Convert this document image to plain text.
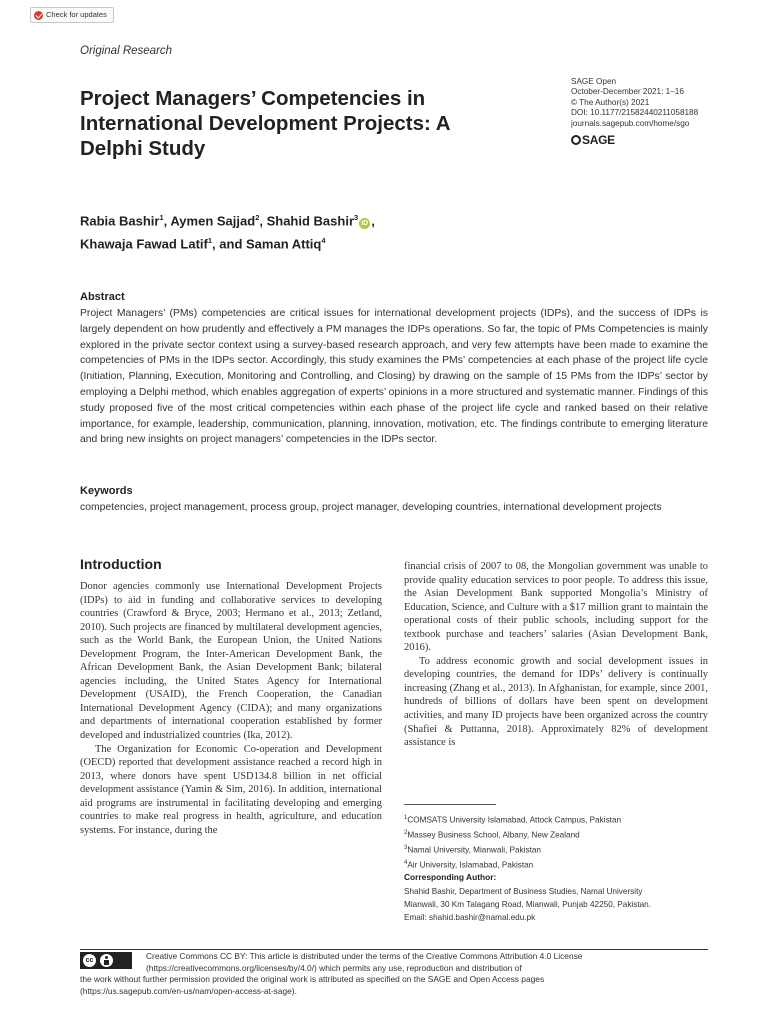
Check for updates
Original Research
Project Managers’ Competencies in International Development Projects: A Delphi Study
SAGE Open
October-December 2021: 1–16
© The Author(s) 2021
DOI: 10.1177/21582440211058188
journals.sagepub.com/home/sgo
SAGE
Rabia Bashir$^1$, Aymen Sajjad$^2$, Shahid Bashir$^3$iD ,
Khawaja Fawad Latif$^1$, and Saman Attiq$^4$
Abstract

Project Managers’ (PMs) competencies are critical issues for international development projects (IDPs), and the success of IDPs is largely dependent on how prudently and effectively a PM manages the IDPs operations. So far, the topic of PMs Competencies is mainly explored in the private sector context using a survey-based research approach, and very few attempts have been made to examine the competencies of PMs in the IDPs sector. Accordingly, this study examines the PMs’ competencies at each phase of the project life cycle (Initiation, Planning, Execution, Monitoring and Controlling, and Closing) by drawing on the sample of 15 PMs from the IDPs’ sector by employing a Delphi method, which enables aggregation of experts’ opinions in a more structured and systematic manner. Findings of this study proposed five of the most critical competencies within each phase of the project life cycle and ranked based on their relative importance, for example, leadership, communication, planning, innovation, motivation, etc. The findings contribute to emerging literature and bring new insights on project managers’ competencies in the IDPs sector.

Keywords

competencies, project management, process group, project manager, developing countries, international development projects

Introduction

Donor agencies commonly use International Development Projects (IDPs) to aid in funding and collaborative services to developing countries (Crawford & Bryce, 2003; Hermano et al., 2013; Zetland, 2010). Such projects are financed by multilateral development agencies, such as the World Bank, the European Union, the United Nations Development Program, the Inter-American Development Bank, the African Development Bank, the Asian Development Bank; bilateral agencies including, the United States Agency for International Development (USAID), the French Cooperation, the Canadian International Development Agency (CIDA); and many organizations and departments of international cooperation established by former developed and industrialized countries (Ika, 2012).

The Organization for Economic Co-operation and Development (OECD) reported that development assistance reached a record high in 2013, where donors have spent USD134.8 billion in net official development assistance (Yamin & Sim, 2016). In addition, international aid programs are instrumental in facilitating developing and emerging countries to make real progress in health, agriculture, and education systems. For instance, during the

financial crisis of 2007 to 08, the Mongolian government was unable to provide quality education services to poor people. To address this issue, the Asian Development Bank supported Mongolia’s Ministry of Education, Science, and Culture with a $17 million grant to maintain the operational costs of their public schools, including support for the textbook purchase and teachers’ salaries (Asian Development Bank, 2016).

To address economic growth and social development issues in developing countries, the demand for IDPs’ delivery is continually increasing (Zhang et al., 2013). In Afghanistan, for example, since 2001, hundreds of billions of dollars have been spent on development activities, and many ID projects have been organized across the country (Shafiei & Puttanna, 2018). Approximately 82% of development assistance is

$^1$COMSATS University Islamabad, Attock Campus, Pakistan
$^2$Massey Business School, Albany, New Zealand
$^3$Namal University, Mianwali, Pakistan
$^4$Air University, Islamabad, Pakistan
Corresponding Author:
Shahid Bashir, Department of Business Studies, Namal University
Mianwali, 30 Km Talagang Road, Mianwali, Punjab 42250, Pakistan.
Email: shahid.bashir@namal.edu.pk
cc	Creative Commons CC BY: This article is distributed under the terms of the Creative Commons Attribution 4.0 License
(https://creativecommons.org/licenses/by/4.0/) which permits any use, reproduction and distribution of
the work without further permission provided the original work is attributed as specified on the SAGE and Open Access pages
(https://us.sagepub.com/en-us/nam/open-access-at-sage).
